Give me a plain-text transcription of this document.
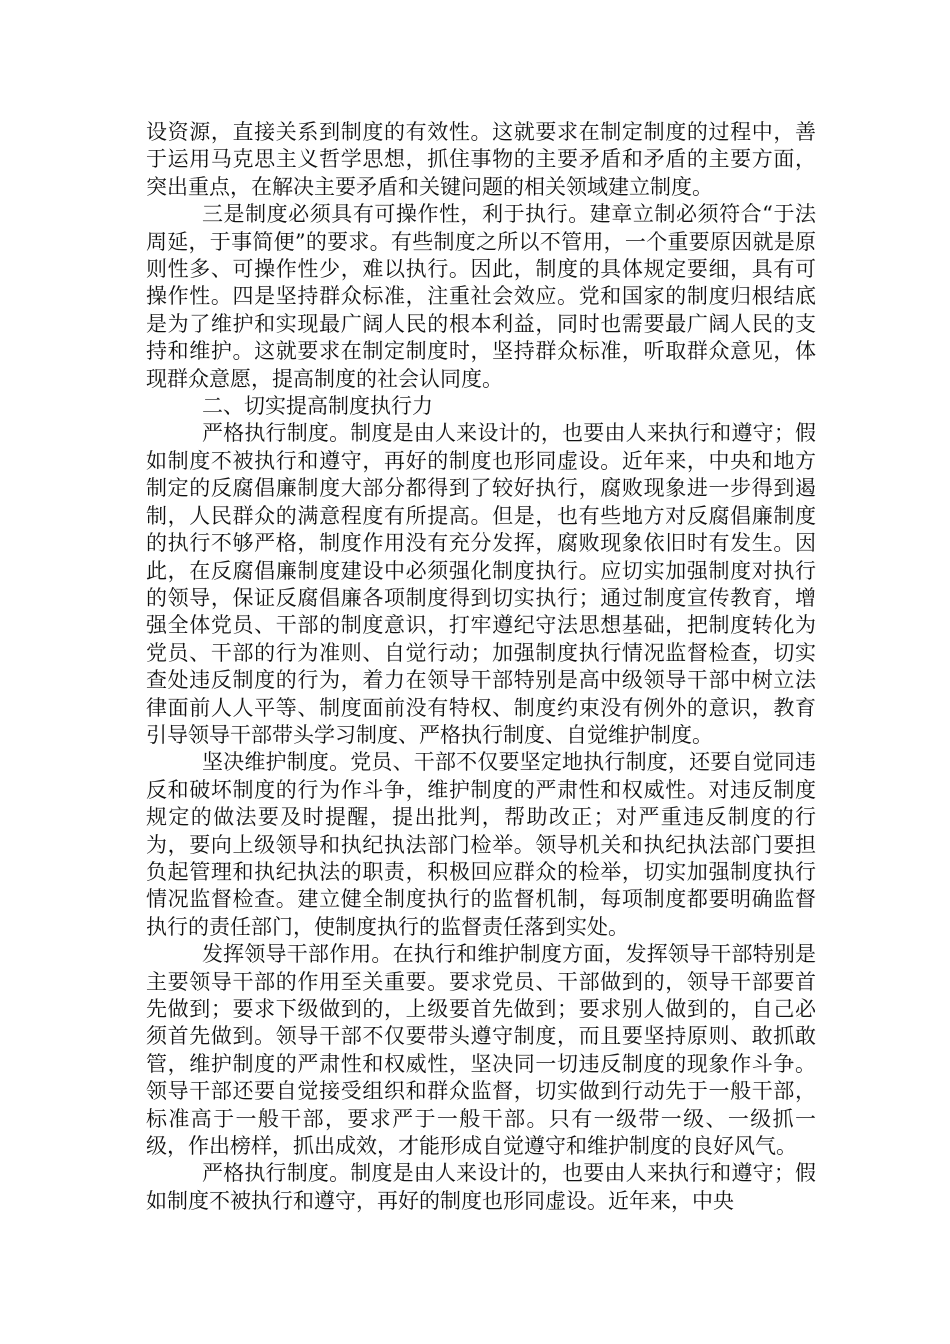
设资源，直接关系到制度的有效性。这就要求在制定制度的过程中，善于运用马克思主义哲学思想，抓住事物的主要矛盾和矛盾的主要方面，突出重点，在解决主要矛盾和关键问题的相关领域建立制度。

三是制度必须具有可操作性，利于执行。建章立制必须符合“于法周延，于事简便”的要求。有些制度之所以不管用，一个重要原因就是原则性多、可操作性少，难以执行。因此，制度的具体规定要细，具有可操作性。四是坚持群众标准，注重社会效应。党和国家的制度归根结底是为了维护和实现最广阔人民的根本利益，同时也需要最广阔人民的支持和维护。这就要求在制定制度时，坚持群众标准，听取群众意见，体现群众意愿，提高制度的社会认同度。

二、切实提高制度执行力

严格执行制度。制度是由人来设计的，也要由人来执行和遵守；假如制度不被执行和遵守，再好的制度也形同虚设。近年来，中央和地方制定的反腐倡廉制度大部分都得到了较好执行，腐败现象进一步得到遏制，人民群众的满意程度有所提高。但是，也有些地方对反腐倡廉制度的执行不够严格，制度作用没有充分发挥，腐败现象依旧时有发生。因此，在反腐倡廉制度建设中必须强化制度执行。应切实加强制度对执行的领导，保证反腐倡廉各项制度得到切实执行；通过制度宣传教育，增强全体党员、干部的制度意识，打牢遵纪守法思想基础，把制度转化为党员、干部的行为准则、自觉行动；加强制度执行情况监督检查，切实查处违反制度的行为，着力在领导干部特别是高中级领导干部中树立法律面前人人平等、制度面前没有特权、制度约束没有例外的意识，教育引导领导干部带头学习制度、严格执行制度、自觉维护制度。

坚决维护制度。党员、干部不仅要坚定地执行制度，还要自觉同违反和破坏制度的行为作斗争，维护制度的严肃性和权威性。对违反制度规定的做法要及时提醒，提出批判，帮助改正；对严重违反制度的行为，要向上级领导和执纪执法部门检举。领导机关和执纪执法部门要担负起管理和执纪执法的职责，积极回应群众的检举，切实加强制度执行情况监督检查。建立健全制度执行的监督机制，每项制度都要明确监督执行的责任部门，使制度执行的监督责任落到实处。

发挥领导干部作用。在执行和维护制度方面，发挥领导干部特别是主要领导干部的作用至关重要。要求党员、干部做到的，领导干部要首先做到；要求下级做到的，上级要首先做到；要求别人做到的，自己必须首先做到。领导干部不仅要带头遵守制度，而且要坚持原则、敢抓敢管，维护制度的严肃性和权威性，坚决同一切违反制度的现象作斗争。领导干部还要自觉接受组织和群众监督，切实做到行动先于一般干部，标准高于一般干部，要求严于一般干部。只有一级带一级、一级抓一级，作出榜样，抓出成效，才能形成自觉遵守和维护制度的良好风气。

严格执行制度。制度是由人来设计的，也要由人来执行和遵守；假如制度不被执行和遵守，再好的制度也形同虚设。近年来，中央
